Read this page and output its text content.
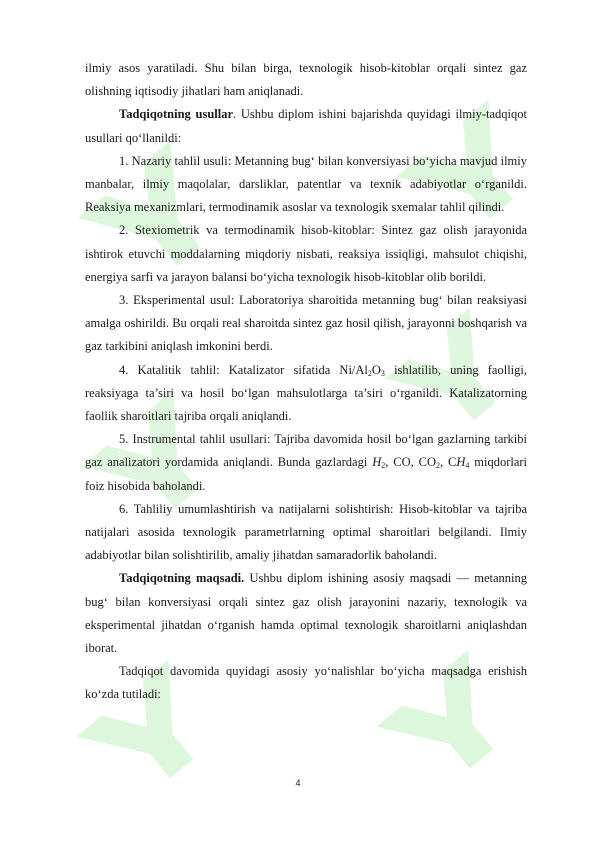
ilmiy asos yaratiladi. Shu bilan birga, texnologik hisob-kitoblar orqali sintez gaz olishning iqtisodiy jihatlari ham aniqlanadi.

Tadqiqotning usullar. Ushbu diplom ishini bajarishda quyidagi ilmiy-tadqiqot usullari qo‘llanildi:

1. Nazariy tahlil usuli: Metanning bug‘ bilan konversiyasi bo‘yicha mavjud ilmiy manbalar, ilmiy maqolalar, darsliklar, patentlar va texnik adabiyotlar o‘rganildi. Reaksiya mexanizmlari, termodinamik asoslar va texnologik sxemalar tahlil qilindi.

2. Stexiometrik va termodinamik hisob-kitoblar: Sintez gaz olish jarayonida ishtirok etuvchi moddalarning miqdoriy nisbati, reaksiya issiqligi, mahsulot chiqishi, energiya sarfi va jarayon balansi bo‘yicha texnologik hisob-kitoblar olib borildi.

3. Eksperimental usul: Laboratoriya sharoitida metanning bug‘ bilan reaksiyasi amalga oshirildi. Bu orqali real sharoitda sintez gaz hosil qilish, jarayonni boshqarish va gaz tarkibini aniqlash imkonini berdi.

4. Katalitik tahlil: Katalizator sifatida $Ni/Al_2O_3$ ishlatilib, uning faolligi, reaksiyaga ta’siri va hosil bo‘lgan mahsulotlarga ta’siri o‘rganildi. Katalizatorning faollik sharoitlari tajriba orqali aniqlandi.

5. Instrumental tahlil usullari: Tajriba davomida hosil bo‘lgan gazlarning tarkibi gaz analizatori yordamida aniqlandi. Bunda gazlardagi $H_2$, CO, $CO_2$, $CH_4$ miqdorlari foiz hisobida baholandi.

6. Tahliliy umumlashtirish va natijalarni solishtirish: Hisob-kitoblar va tajriba natijalari asosida texnologik parametrlarning optimal sharoitlari belgilandi. Ilmiy adabiyotlar bilan solishtirilib, amaliy jihatdan samaradorlik baholandi.

Tadqiqotning maqsadi. Ushbu diplom ishining asosiy maqsadi — metanning bug‘ bilan konversiyasi orqali sintez gaz olish jarayonini nazariy, texnologik va eksperimental jihatdan o‘rganish hamda optimal texnologik sharoitlarni aniqlashdan iborat.

Tadqiqot davomida quyidagi asosiy yo‘nalishlar bo‘yicha maqsadga erishish ko‘zda tutiladi:

4
